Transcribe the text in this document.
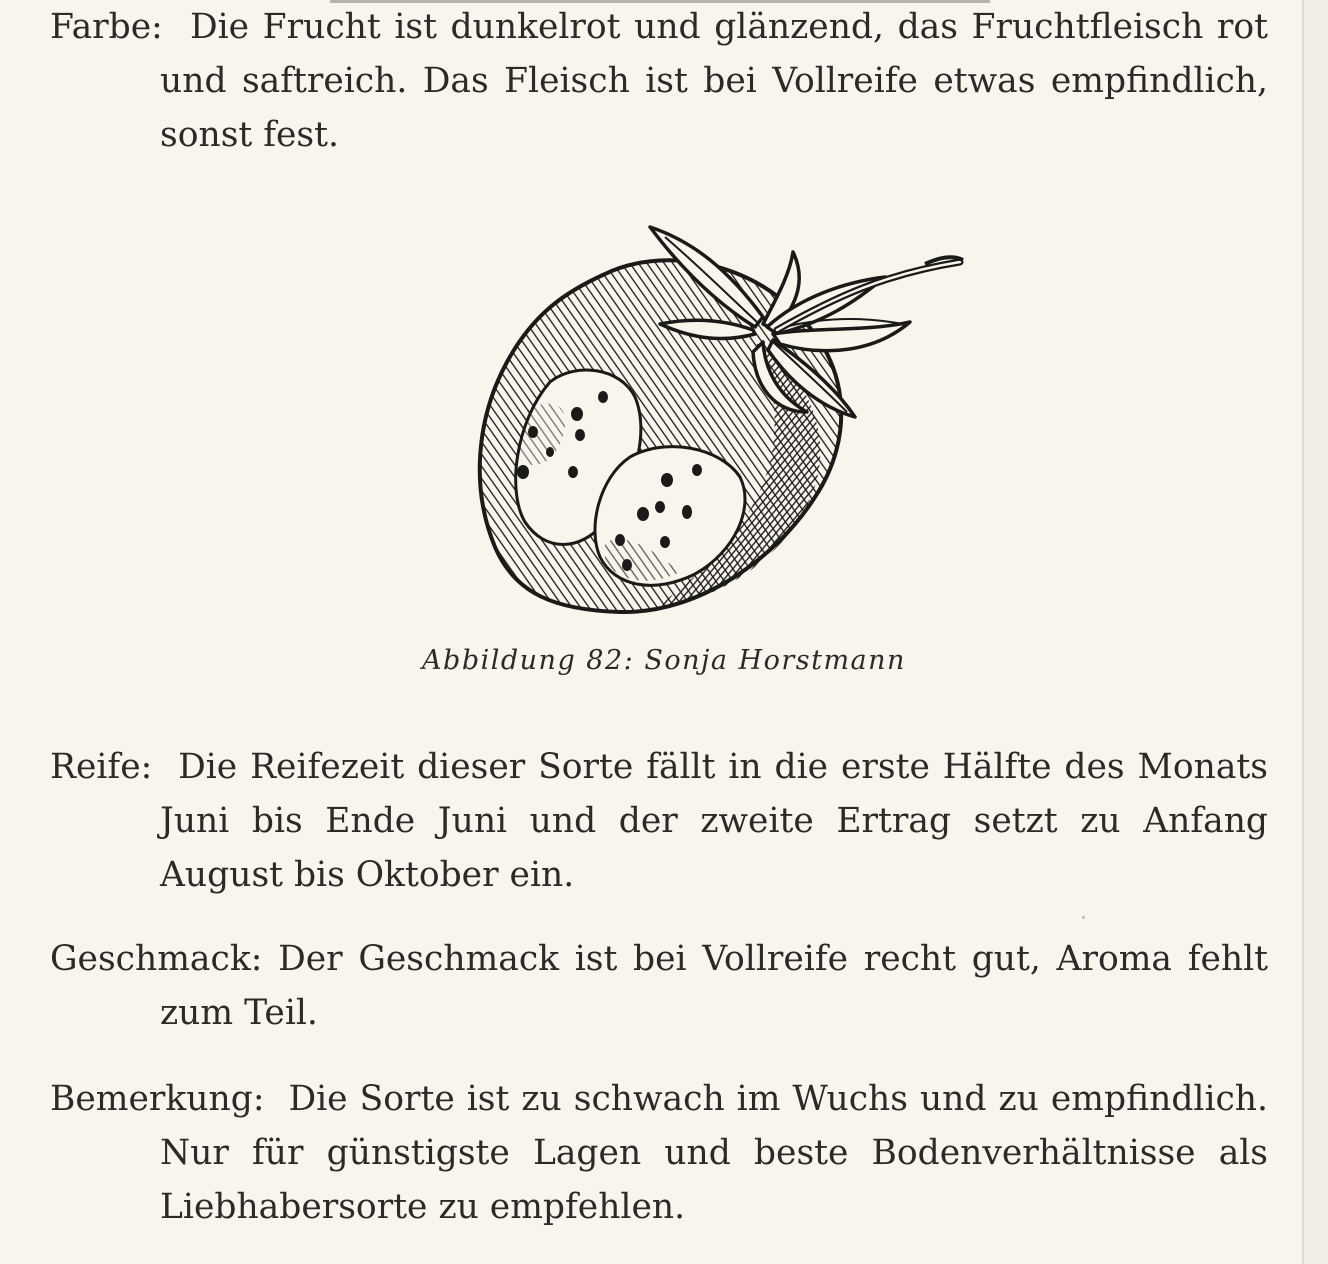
Farbe: Die Frucht ist dunkelrot und glänzend, das Fruchtfleisch rot und saftreich. Das Fleisch ist bei Vollreife etwas empfindlich, sonst fest.
Abbildung 82: Sonja Horstmann
Reife: Die Reifezeit dieser Sorte fällt in die erste Hälfte des Monats Juni bis Ende Juni und der zweite Ertrag setzt zu Anfang August bis Oktober ein.
Geschmack: Der Geschmack ist bei Vollreife recht gut, Aroma fehlt zum Teil.
Bemerkung: Die Sorte ist zu schwach im Wuchs und zu empfindlich. Nur für günstigste Lagen und beste Bodenverhältnisse als Liebhabersorte zu empfehlen.
